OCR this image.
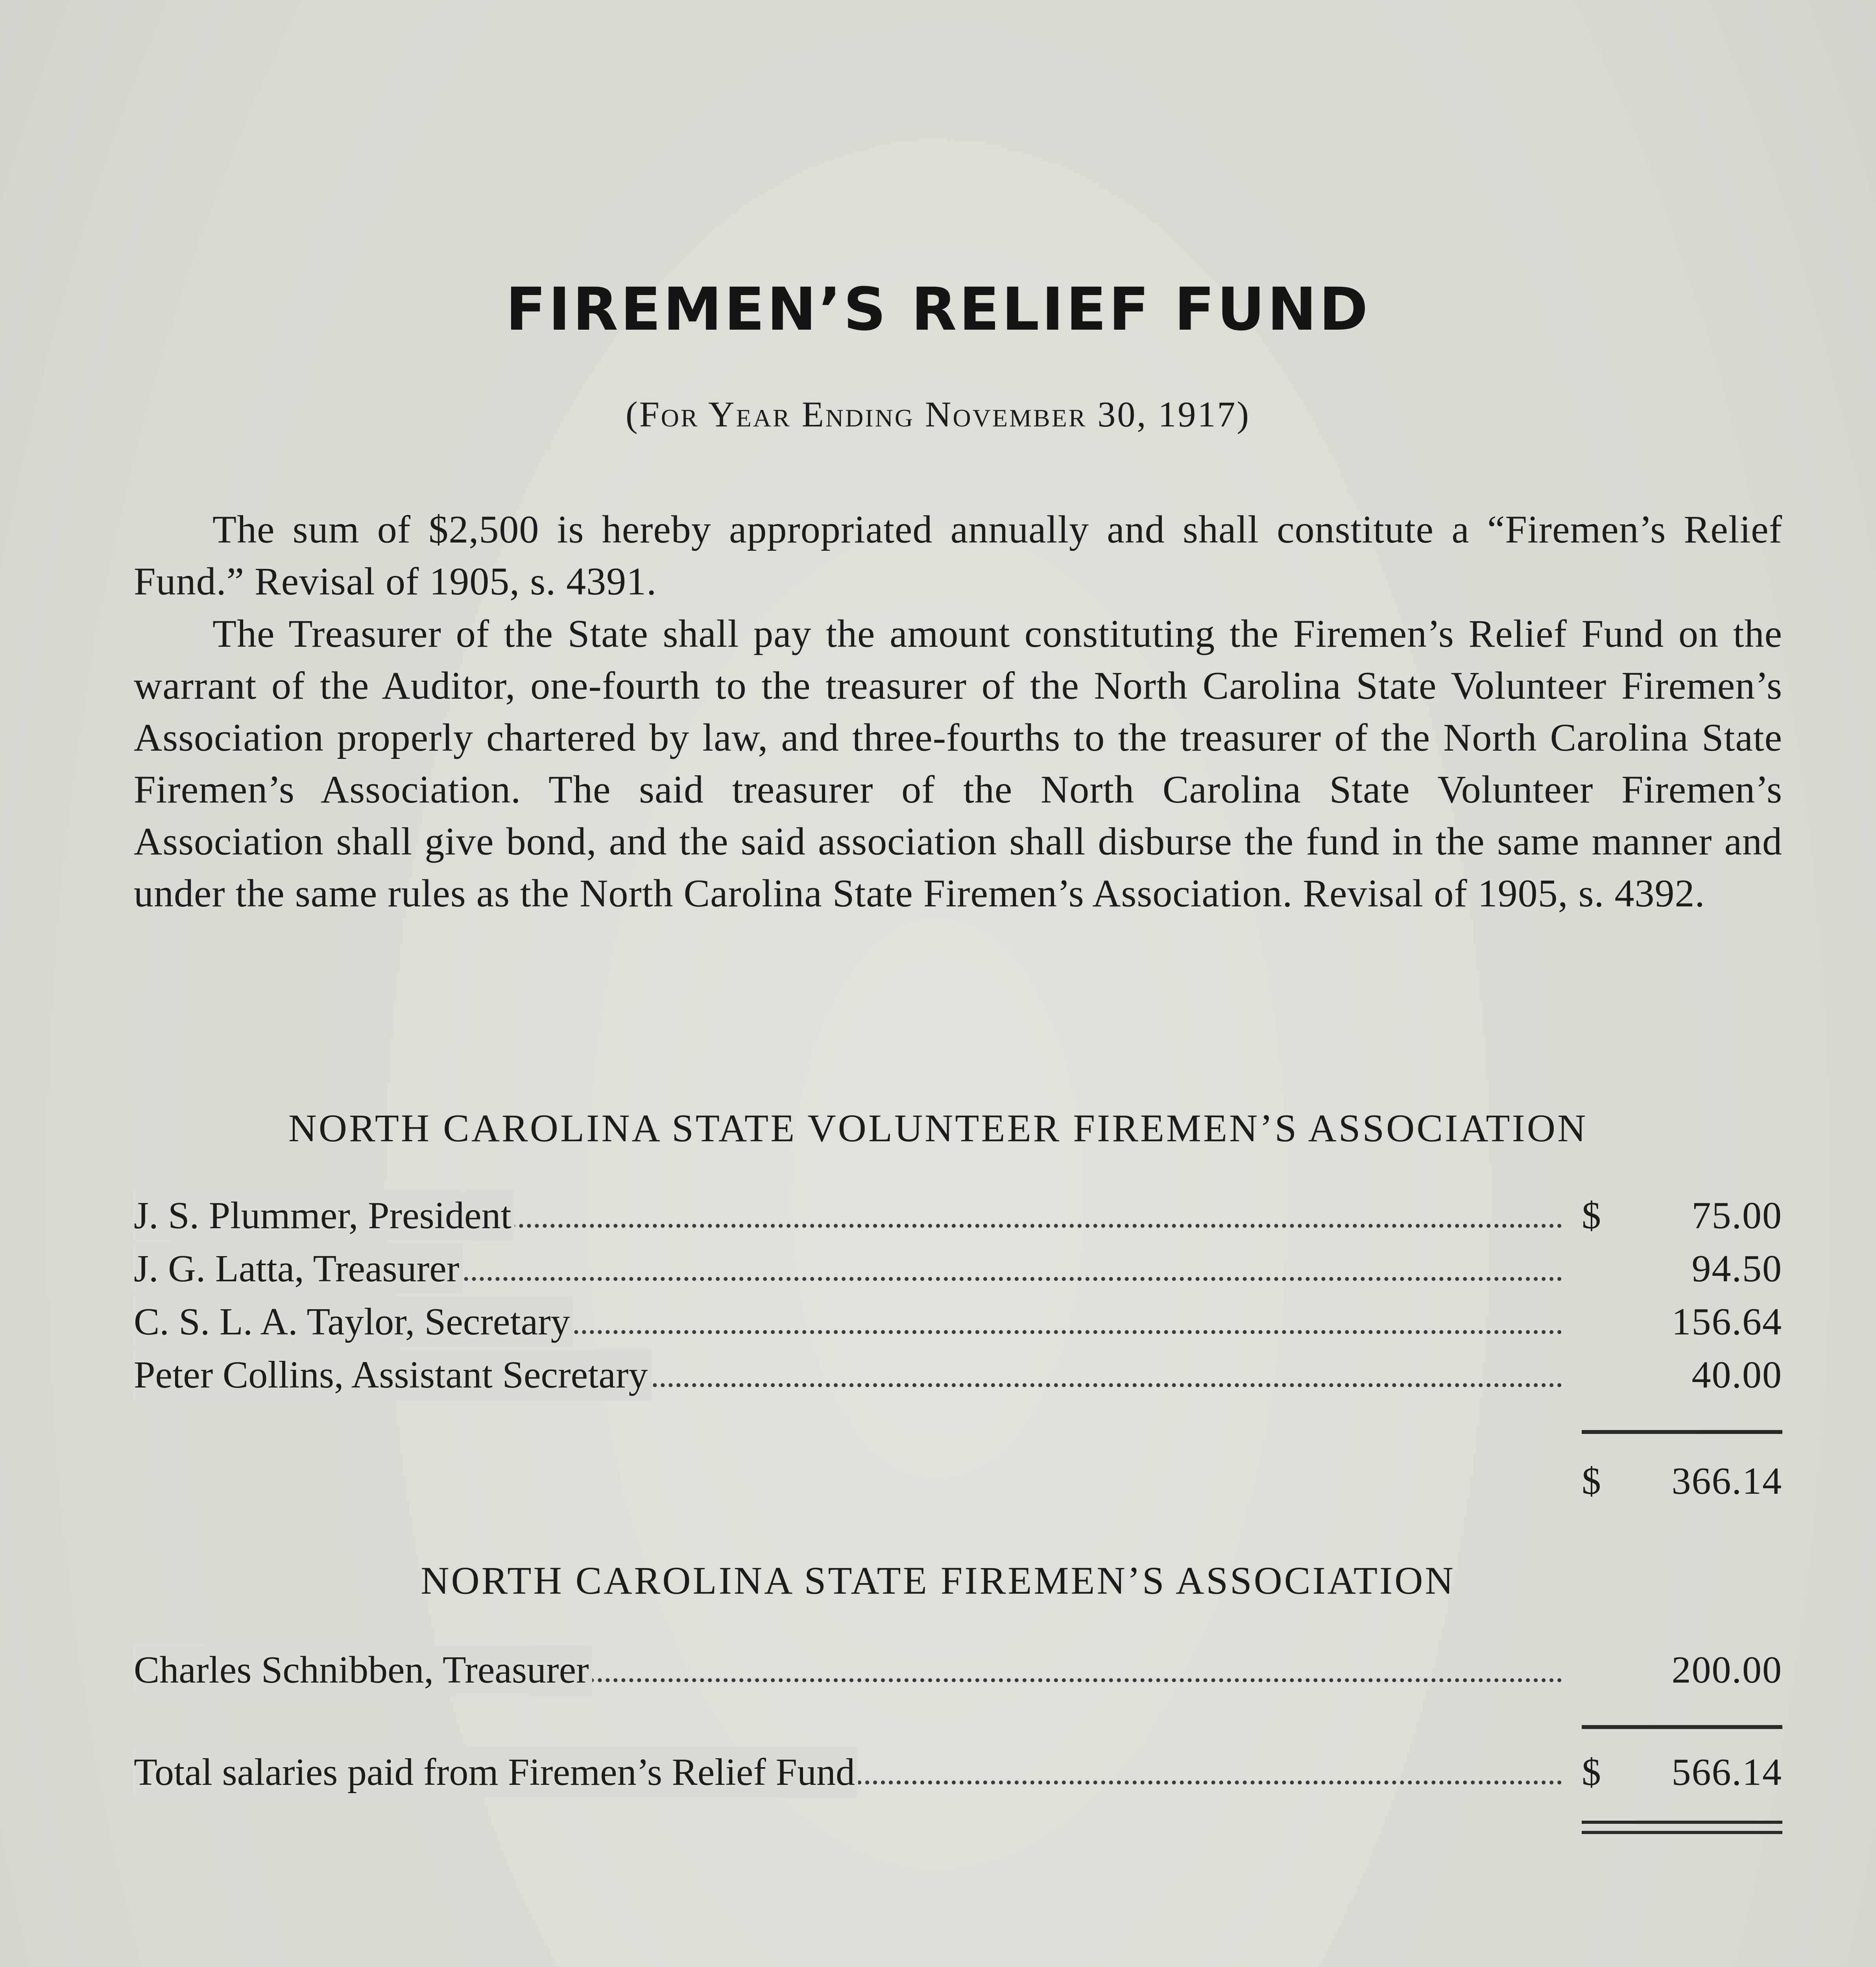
FIREMEN’S RELIEF FUND
(For Year Ending November 30, 1917)
The sum of $2,500 is hereby appropriated annually and shall constitute a “Firemen’s Relief Fund.” Revisal of 1905, s. 4391.
The Treasurer of the State shall pay the amount constituting the Firemen’s Relief Fund on the warrant of the Auditor, one-fourth to the treasurer of the North Carolina State Volunteer Firemen’s Association properly chartered by law, and three-fourths to the treasurer of the North Carolina State Firemen’s Association. The said treasurer of the North Carolina State Volunteer Firemen’s Association shall give bond, and the said association shall disburse the fund in the same manner and under the same rules as the North Carolina State Firemen’s Association. Revisal of 1905, s. 4392.
NORTH CAROLINA STATE VOLUNTEER FIREMEN’S ASSOCIATION
J. S. Plummer, President	$ 75.00
J. G. Latta, Treasurer	94.50
C. S. L. A. Taylor, Secretary	156.64
Peter Collins, Assistant Secretary	40.00
$ 366.14
NORTH CAROLINA STATE FIREMEN’S ASSOCIATION
Charles Schnibben, Treasurer	200.00
Total salaries paid from Firemen’s Relief Fund	$ 566.14
